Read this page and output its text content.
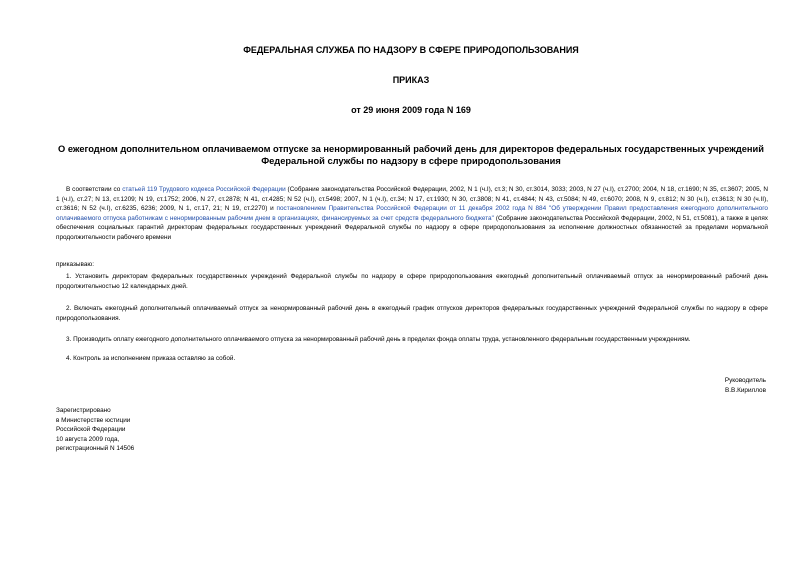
ФЕДЕРАЛЬНАЯ СЛУЖБА ПО НАДЗОРУ В СФЕРЕ ПРИРОДОПОЛЬЗОВАНИЯ
ПРИКАЗ
от 29 июня 2009 года N 169
О ежегодном дополнительном оплачиваемом отпуске за ненормированный рабочий день для директоров федеральных государственных учреждений
Федеральной службы по надзору в сфере природопользования
В соответствии со статьей 119 Трудового кодекса Российской Федерации (Собрание законодательства Российской Федерации, 2002, N 1 (ч.I), ст.3; N 30, ст.3014, 3033; 2003, N 27 (ч.I), ст.2700; 2004, N 18, ст.1690; N 35, ст.3607; 2005, N 1 (ч.I), ст.27; N 13, ст.1209; N 19, ст.1752; 2006, N 27, ст.2878; N 41, ст.4285; N 52 (ч.I), ст.5498; 2007, N 1 (ч.I), ст.34; N 17, ст.1930; N 30, ст.3808; N 41, ст.4844; N 43, ст.5084; N 49, ст.6070; 2008, N 9, ст.812; N 30 (ч.I), ст.3613; N 30 (ч.II), ст.3616; N 52 (ч.I), ст.6235, 6236; 2009, N 1, ст.17, 21; N 19, ст.2270) и постановлением Правительства Российской Федерации от 11 декабря 2002 года N 884 "Об утверждении Правил предоставления ежегодного дополнительного оплачиваемого отпуска работникам с ненормированным рабочим днем в организациях, финансируемых за счет средств федерального бюджета" (Собрание законодательства Российской Федерации, 2002, N 51, ст.5081), а также в целях обеспечения социальных гарантий директорам федеральных государственных учреждений Федеральной службы по надзору в сфере природопользования за исполнение должностных обязанностей за пределами нормальной продолжительности рабочего времени
приказываю:
1. Установить директорам федеральных государственных учреждений Федеральной службы по надзору в сфере природопользования ежегодный дополнительный оплачиваемый отпуск за ненормированный рабочий день продолжительностью 12 календарных дней.
2. Включать ежегодный дополнительный оплачиваемый отпуск за ненормированный рабочий день в ежегодный график отпусков директоров федеральных государственных учреждений Федеральной службы по надзору в сфере природопользования.
3. Производить оплату ежегодного дополнительного оплачиваемого отпуска за ненормированный рабочий день в пределах фонда оплаты труда, установленного федеральным государственным учреждениям.
4. Контроль за исполнением приказа оставляю за собой.
Руководитель
В.В.Кириллов
Зарегистрировано
в Министерстве юстиции
Российской Федерации
10 августа 2009 года,
регистрационный N 14506
